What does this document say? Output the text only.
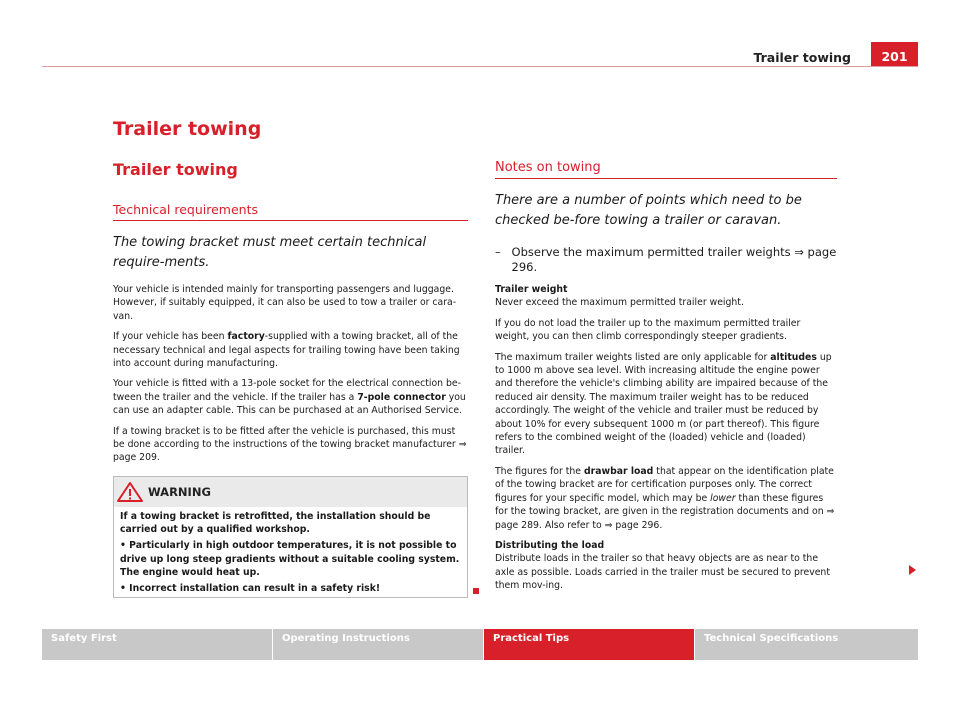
Trailer towing	201
Trailer towing
Trailer towing
Technical requirements
The towing bracket must meet certain technical require-ments.

Your vehicle is intended mainly for transporting passengers and luggage. However, if suitably equipped, it can also be used to tow a trailer or cara-van.

If your vehicle has been factory-supplied with a towing bracket, all of the necessary technical and legal aspects for trailing towing have been taking into account during manufacturing.

Your vehicle is fitted with a 13-pole socket for the electrical connection be-tween the trailer and the vehicle. If the trailer has a 7-pole connector you can use an adapter cable. This can be purchased at an Authorised Service.

If a towing bracket is to be fitted after the vehicle is purchased, this must be done according to the instructions of the towing bracket manufacturer ⇒ page 209.

WARNING

If a towing bracket is retrofitted, the installation should be carried out by a qualified workshop.

• Particularly in high outdoor temperatures, it is not possible to drive up long steep gradients without a suitable cooling system. The engine would heat up.

• Incorrect installation can result in a safety risk!

Notes on towing
There are a number of points which need to be checked be-fore towing a trailer or caravan.
– Observe the maximum permitted trailer weights ⇒ page 296.
Trailer weight

Never exceed the maximum permitted trailer weight.

If you do not load the trailer up to the maximum permitted trailer weight, you can then climb correspondingly steeper gradients.

The maximum trailer weights listed are only applicable for altitudes up to 1000 m above sea level. With increasing altitude the engine power and therefore the vehicle's climbing ability are impaired because of the reduced air density. The maximum trailer weight has to be reduced accordingly. The weight of the vehicle and trailer must be reduced by about 10% for every subsequent 1000 m (or part thereof). This figure refers to the combined weight of the (loaded) vehicle and (loaded) trailer.

The figures for the drawbar load that appear on the identification plate of the towing bracket are for certification purposes only. The correct figures for your specific model, which may be lower than these figures for the towing bracket, are given in the registration documents and on ⇒ page 289. Also refer to ⇒ page 296.

Distributing the load

Distribute loads in the trailer so that heavy objects are as near to the axle as possible. Loads carried in the trailer must be secured to prevent them mov-ing.

Safety First	Operating Instructions	Practical Tips	Technical Specifications
